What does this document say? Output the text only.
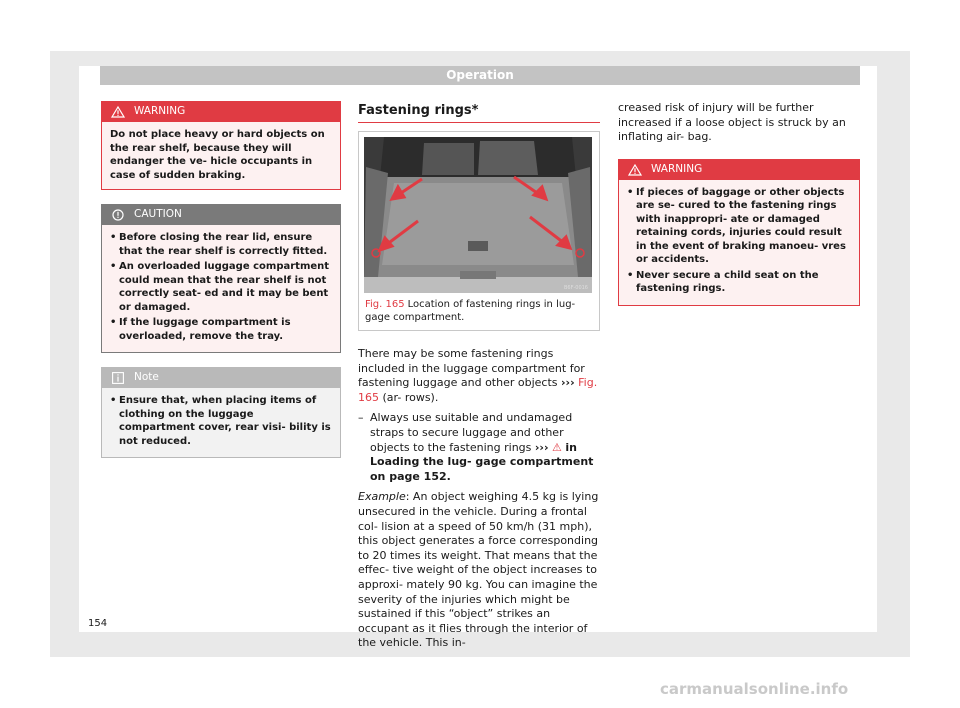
Operation
WARNING
Do not place heavy or hard objects on the rear shelf, because they will endanger the ve- hicle occupants in case of sudden braking.
CAUTION
• Before closing the rear lid, ensure that the rear shelf is correctly fitted.
• An overloaded luggage compartment could mean that the rear shelf is not correctly seat- ed and it may be bent or damaged.
• If the luggage compartment is overloaded, remove the tray.
Note
• Ensure that, when placing items of clothing on the luggage compartment cover, rear visi- bility is not reduced.
Fastening rings*
B6F-0016
Fig. 165 Location of fastening rings in lug- gage compartment.

There may be some fastening rings included in the luggage compartment for fastening luggage and other objects ››› Fig. 165 (ar- rows).

– Always use suitable and undamaged straps to secure luggage and other objects to the fastening rings ››› ⚠ in Loading the lug- gage compartment on page 152.

Example: An object weighing 4.5 kg is lying unsecured in the vehicle. During a frontal col- lision at a speed of 50 km/h (31 mph), this object generates a force corresponding to 20 times its weight. That means that the effec- tive weight of the object increases to approxi- mately 90 kg. You can imagine the severity of the injuries which might be sustained if this “object” strikes an occupant as it flies through the interior of the vehicle. This in-

creased risk of injury will be further increased if a loose object is struck by an inflating air- bag.

WARNING
• If pieces of baggage or other objects are se- cured to the fastening rings with inappropri- ate or damaged retaining cords, injuries could result in the event of braking manoeu- vres or accidents.
• Never secure a child seat on the fastening rings.
154
carmanualsonline.info
